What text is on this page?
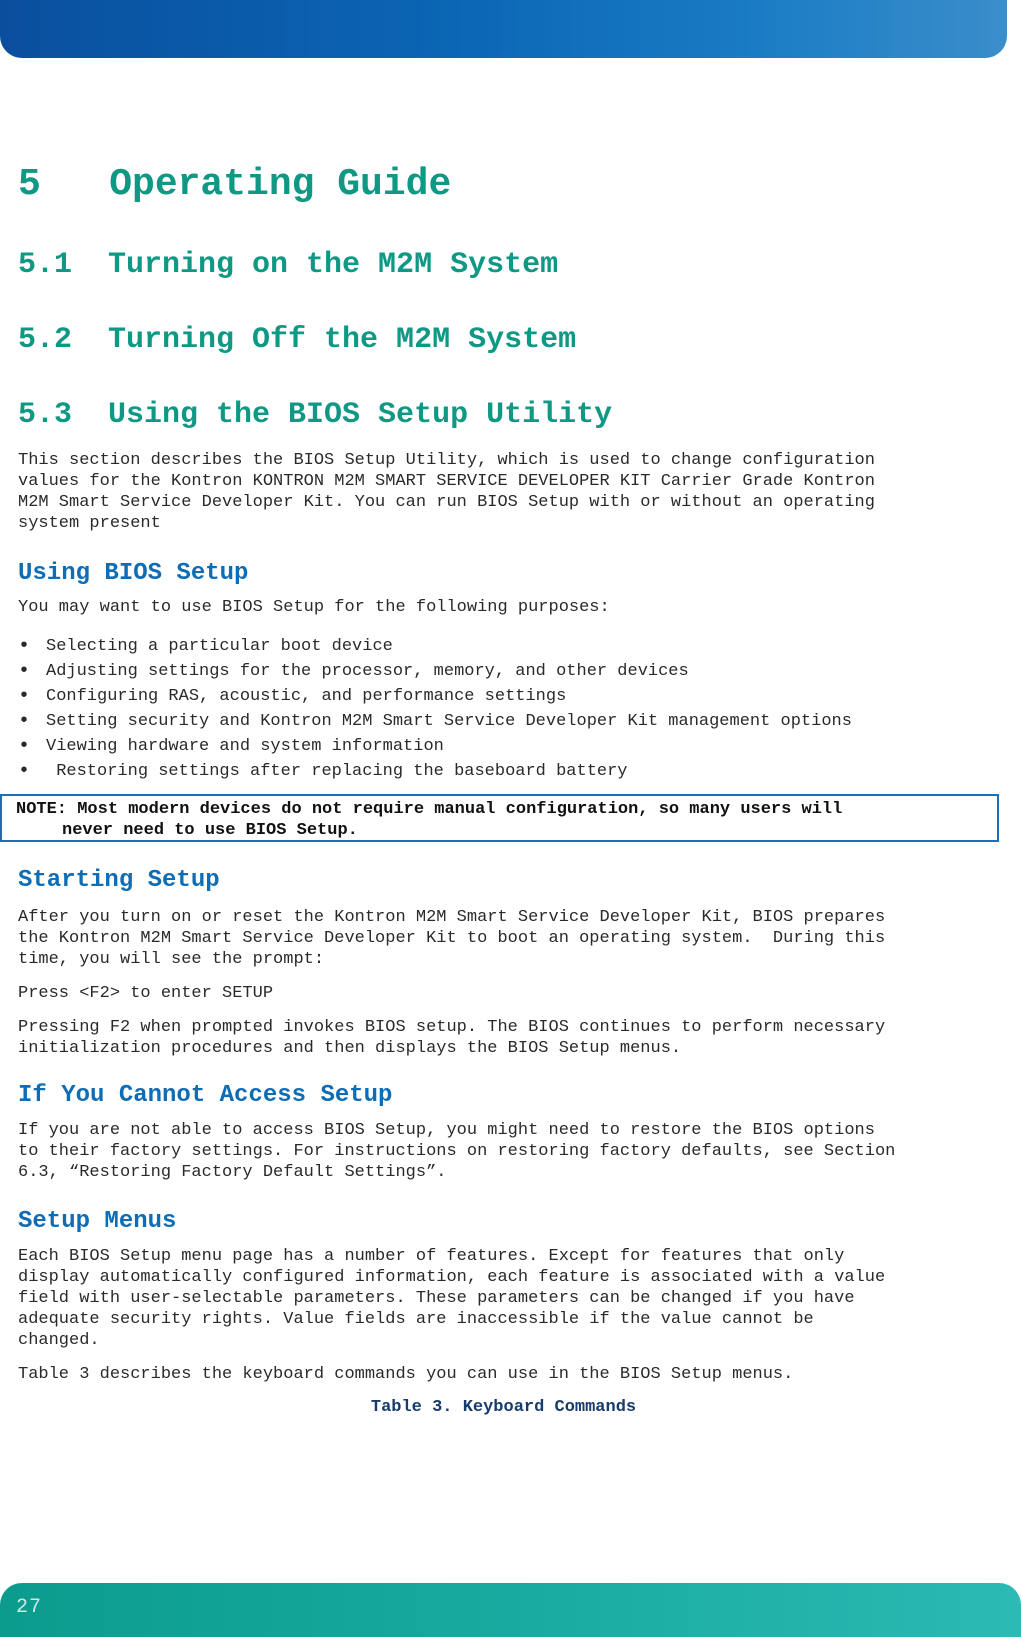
5   Operating Guide
5.1  Turning on the M2M System
5.2  Turning Off the M2M System
5.3  Using the BIOS Setup Utility

This section describes the BIOS Setup Utility, which is used to change configuration
values for the Kontron KONTRON M2M SMART SERVICE DEVELOPER KIT Carrier Grade Kontron
M2M Smart Service Developer Kit. You can run BIOS Setup with or without an operating
system present

Using BIOS Setup

You may want to use BIOS Setup for the following purposes:

• Selecting a particular boot device
• Adjusting settings for the processor, memory, and other devices
• Configuring RAS, acoustic, and performance settings
• Setting security and Kontron M2M Smart Service Developer Kit management options
• Viewing hardware and system information
•  Restoring settings after replacing the baseboard battery
NOTE: Most modern devices do not require manual configuration, so many users will
never need to use BIOS Setup.
Starting Setup

After you turn on or reset the Kontron M2M Smart Service Developer Kit, BIOS prepares
the Kontron M2M Smart Service Developer Kit to boot an operating system.  During this
time, you will see the prompt:

Press <F2> to enter SETUP

Pressing F2 when prompted invokes BIOS setup. The BIOS continues to perform necessary
initialization procedures and then displays the BIOS Setup menus.

If You Cannot Access Setup

If you are not able to access BIOS Setup, you might need to restore the BIOS options
to their factory settings. For instructions on restoring factory defaults, see Section
6.3, “Restoring Factory Default Settings”.

Setup Menus

Each BIOS Setup menu page has a number of features. Except for features that only
display automatically configured information, each feature is associated with a value
field with user-selectable parameters. These parameters can be changed if you have
adequate security rights. Value fields are inaccessible if the value cannot be
changed.

Table 3 describes the keyboard commands you can use in the BIOS Setup menus.

Table 3. Keyboard Commands
27
